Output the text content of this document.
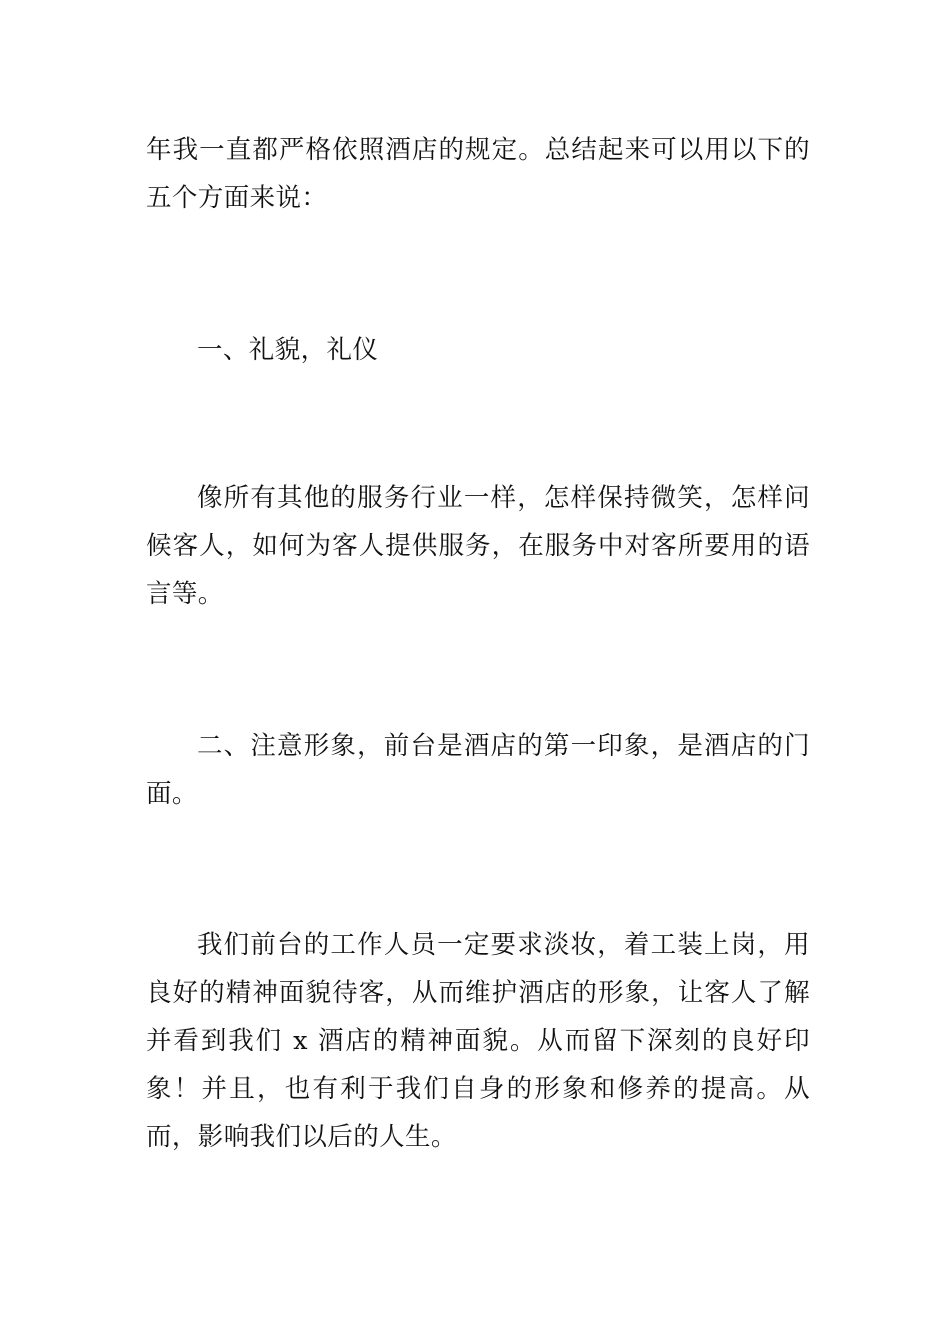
年我一直都严格依照酒店的规定。总结起来可以用以下的五个方面来说：

一、礼貌，礼仪

像所有其他的服务行业一样，怎样保持微笑，怎样问候客人，如何为客人提供服务，在服务中对客所要用的语言等。

二、注意形象，前台是酒店的第一印象，是酒店的门面。

我们前台的工作人员一定要求淡妆，着工装上岗，用良好的精神面貌待客，从而维护酒店的形象，让客人了解并看到我们 x 酒店的精神面貌。从而留下深刻的良好印象！并且，也有利于我们自身的形象和修养的提高。从而，影响我们以后的人生。
